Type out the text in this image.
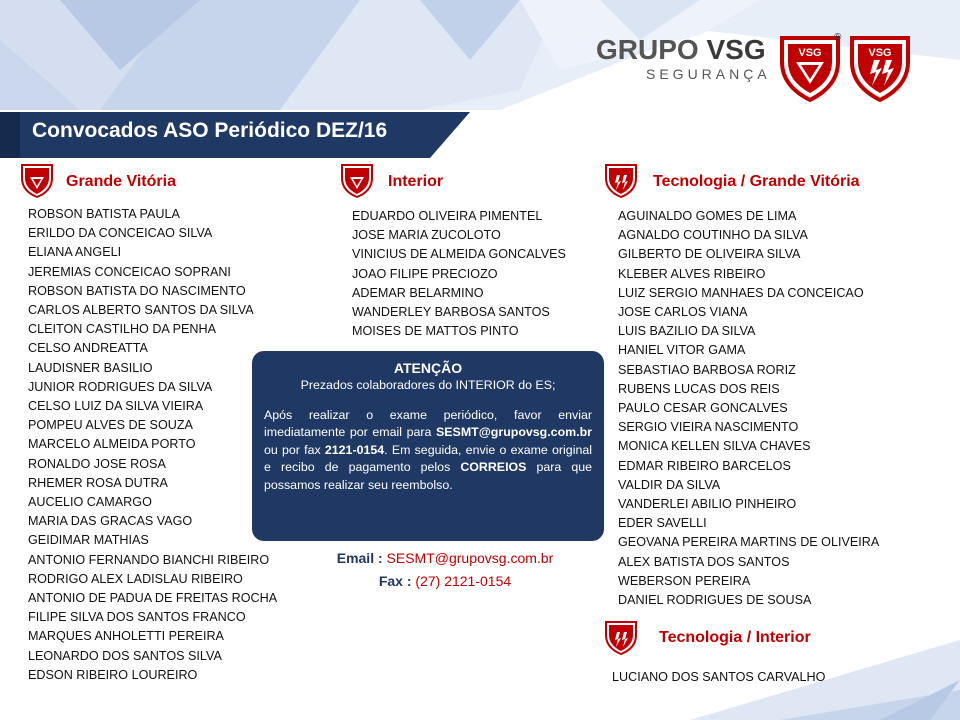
GRUPO VSG
SEGURANÇA
VSG
®
VSG
Convocados ASO Periódico DEZ/16
Grande Vitória
ROBSON BATISTA PAULA
ERILDO DA CONCEICAO SILVA
ELIANA ANGELI
JEREMIAS CONCEICAO SOPRANI
ROBSON BATISTA DO NASCIMENTO
CARLOS ALBERTO SANTOS DA SILVA
CLEITON CASTILHO DA PENHA
CELSO ANDREATTA
LAUDISNER BASILIO
JUNIOR RODRIGUES DA SILVA
CELSO LUIZ DA SILVA VIEIRA
POMPEU ALVES DE SOUZA
MARCELO ALMEIDA PORTO
RONALDO JOSE ROSA
RHEMER ROSA DUTRA
AUCELIO CAMARGO
MARIA DAS GRACAS VAGO
GEIDIMAR MATHIAS
ANTONIO FERNANDO BIANCHI RIBEIRO
RODRIGO ALEX LADISLAU RIBEIRO
ANTONIO DE PADUA DE FREITAS ROCHA
FILIPE SILVA DOS SANTOS FRANCO
MARQUES ANHOLETTI PEREIRA
LEONARDO DOS SANTOS SILVA
EDSON RIBEIRO LOUREIRO
Interior
EDUARDO OLIVEIRA PIMENTEL
JOSE MARIA ZUCOLOTO
VINICIUS DE ALMEIDA GONCALVES
JOAO FILIPE PRECIOZO
ADEMAR BELARMINO
WANDERLEY BARBOSA SANTOS
MOISES DE MATTOS PINTO
Tecnologia / Grande Vitória
AGUINALDO GOMES DE LIMA
AGNALDO COUTINHO DA SILVA
GILBERTO DE OLIVEIRA SILVA
KLEBER ALVES RIBEIRO
LUIZ SERGIO MANHAES DA CONCEICAO
JOSE CARLOS VIANA
LUIS BAZILIO DA SILVA
HANIEL VITOR GAMA
SEBASTIAO BARBOSA RORIZ
RUBENS LUCAS DOS REIS
PAULO CESAR GONCALVES
SERGIO VIEIRA NASCIMENTO
MONICA KELLEN SILVA CHAVES
EDMAR RIBEIRO BARCELOS
VALDIR DA SILVA
VANDERLEI ABILIO PINHEIRO
EDER SAVELLI
GEOVANA PEREIRA MARTINS DE OLIVEIRA
ALEX BATISTA DOS SANTOS
WEBERSON PEREIRA
DANIEL RODRIGUES DE SOUSA
Tecnologia / Interior
LUCIANO DOS SANTOS CARVALHO
ATENÇÃO
Prezados colaboradores do INTERIOR do ES;
Após realizar o exame periódico, favor enviar imediatamente por email para SESMT@grupovsg.com.br ou por fax 2121-0154. Em seguida, envie o exame original e recibo de pagamento pelos CORREIOS para que possamos realizar seu reembolso.
Email : SESMT@grupovsg.com.br
Fax : (27) 2121-0154
